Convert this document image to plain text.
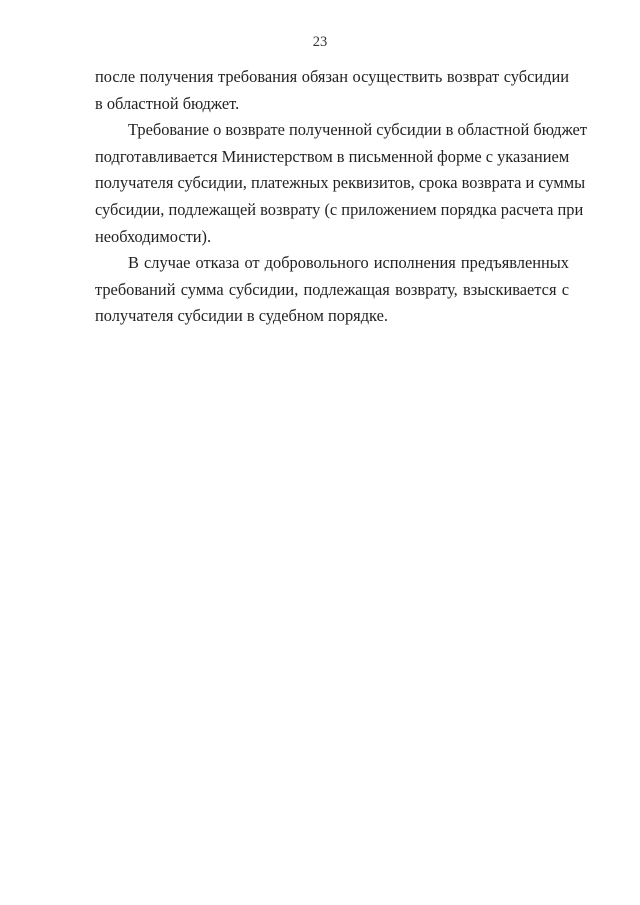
23
после получения требования обязан осуществить возврат субсидии
в областной бюджет.
Требование о возврате полученной субсидии в областной бюджет
подготавливается Министерством в письменной форме с указанием
получателя субсидии, платежных реквизитов, срока возврата и суммы
субсидии, подлежащей возврату (с приложением порядка расчета при
необходимости).
В случае отказа от добровольного исполнения предъявленных
требований сумма субсидии, подлежащая возврату, взыскивается с
получателя субсидии в судебном порядке.
